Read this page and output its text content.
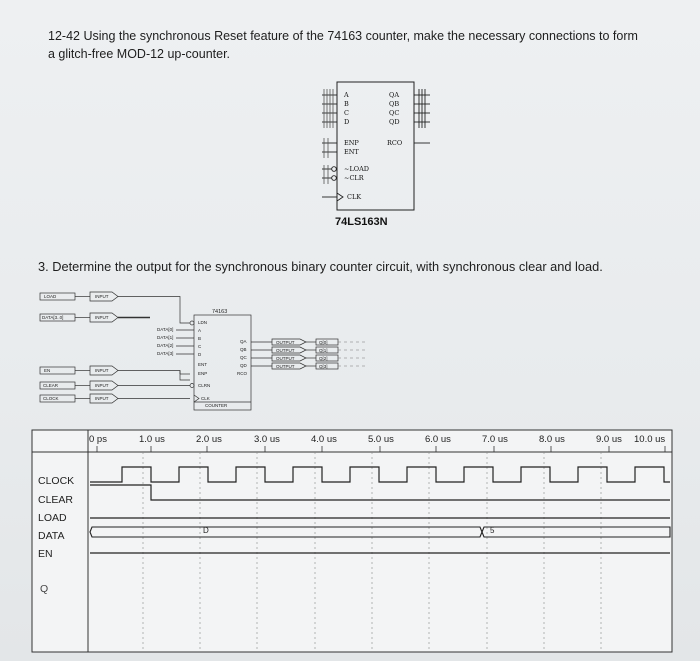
12-42 Using the synchronous Reset feature of the 74163 counter, make the necessary connections to form a glitch-free MOD-12 up-counter.
A
B
C
D
QA
QB
QC
QD
ENP
ENT
RCO
~LOAD
~CLR
CLK
74LS163N
3. Determine the output for the synchronous binary counter circuit, with synchronous clear and load.
LOAD
DATA[3..0]
EN
CLEAR
CLOCK
INPUT
INPUT
INPUT
INPUT
INPUT
74163
DATA[0]
DATA[1]
DATA[2]
DATA[3]
LDN
A
B
C
D
ENT
ENP
CLRN
CLK
QA
QB
QC
QD
RCO
COUNTER
OUTPUT
OUTPUT
OUTPUT
OUTPUT
Q[0]
Q[1]
Q[2]
Q[3]
0 ps	1.0 us	2.0 us	3.0 us	4.0 us	5.0 us	6.0 us	7.0 us	8.0 us	9.0 us 10.0 us
CLOCK
CLEAR
LOAD
DATA
EN
Q
D	5
